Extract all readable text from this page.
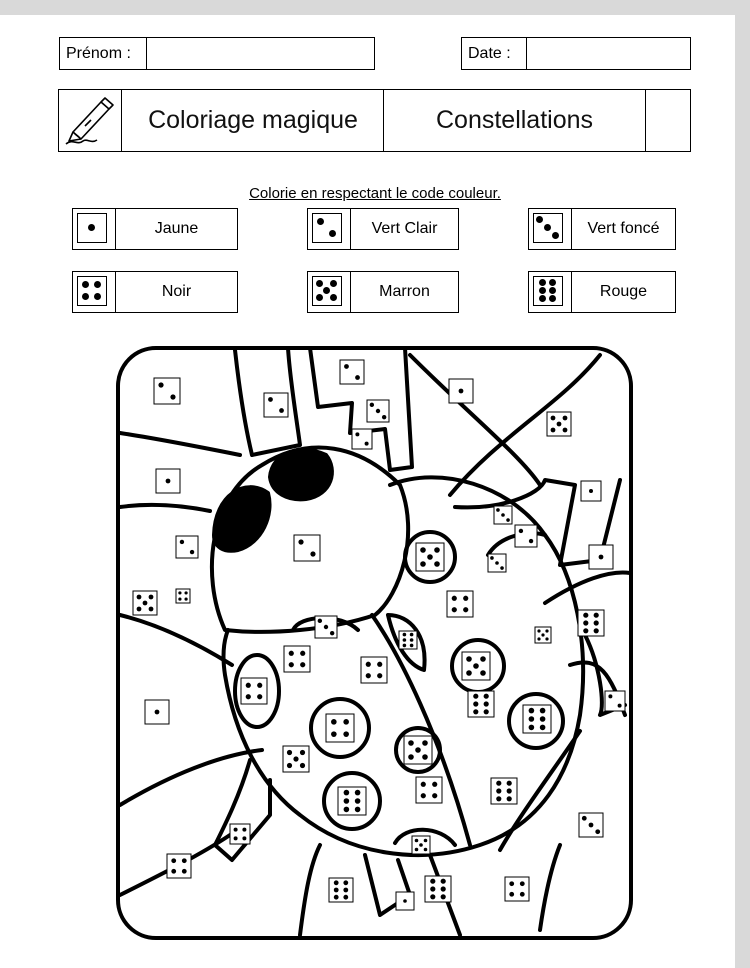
Prénom :	Date :
Coloriage magique	Constellations
Colorie en respectant le code couleur.
Jaune	Vert Clair	Vert foncé
Noir	Marron	Rouge
